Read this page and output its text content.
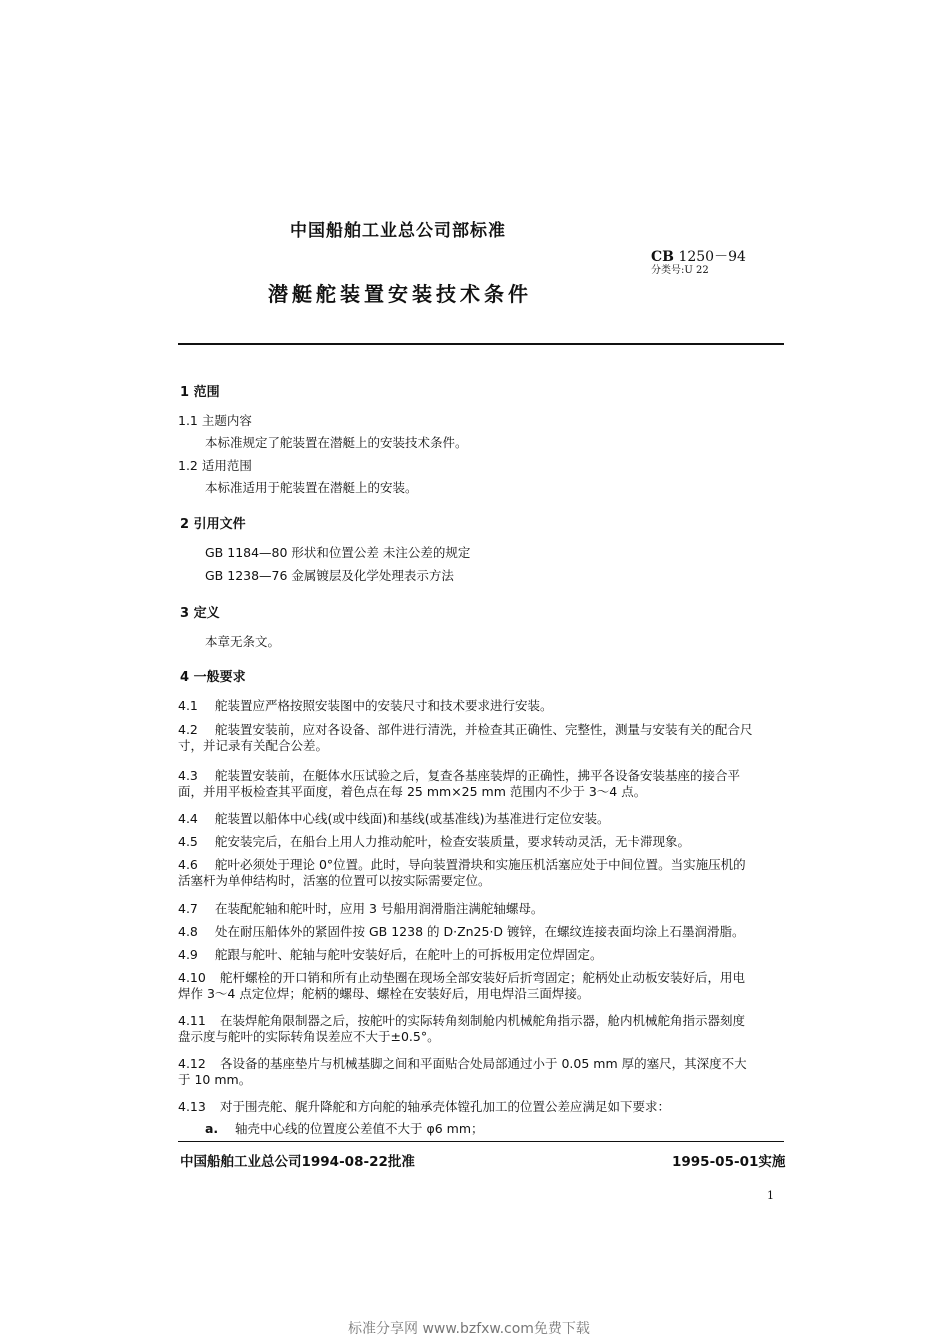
中国船舶工业总公司部标准
CB 1250－94
分类号:U 22
潜艇舵装置安装技术条件
1 范围
1.1 主题内容
本标准规定了舵装置在潜艇上的安装技术条件。
1.2 适用范围
本标准适用于舵装置在潜艇上的安装。
2 引用文件
GB 1184—80 形状和位置公差 未注公差的规定
GB 1238—76 金属镀层及化学处理表示方法
3 定义
本章无条文。
4 一般要求
4.1 舵装置应严格按照安装图中的安装尺寸和技术要求进行安装。
4.2 舵装置安装前，应对各设备、部件进行清洗，并检查其正确性、完整性，测量与安装有关的配合尺
寸，并记录有关配合公差。
4.3 舵装置安装前，在艇体水压试验之后，复查各基座装焊的正确性，拂平各设备安装基座的接合平
面，并用平板检查其平面度，着色点在每 25 mm×25 mm 范围内不少于 3～4 点。
4.4 舵装置以船体中心线(或中线面)和基线(或基准线)为基准进行定位安装。
4.5 舵安装完后，在船台上用人力推动舵叶，检查安装质量，要求转动灵活，无卡滞现象。
4.6 舵叶必须处于理论 0°位置。此时，导向装置滑块和实施压机活塞应处于中间位置。当实施压机的
活塞杆为单伸结构时，活塞的位置可以按实际需要定位。
4.7 在装配舵轴和舵叶时，应用 3 号船用润滑脂注满舵轴螺母。
4.8 处在耐压船体外的紧固件按 GB 1238 的 D·Zn25·D 镀锌，在螺纹连接表面均涂上石墨润滑脂。
4.9 舵跟与舵叶、舵轴与舵叶安装好后，在舵叶上的可拆板用定位焊固定。
4.10 舵杆螺栓的开口销和所有止动垫圈在现场全部安装好后折弯固定；舵柄处止动板安装好后，用电
焊作 3～4 点定位焊；舵柄的螺母、螺栓在安装好后，用电焊沿三面焊接。
4.11 在装焊舵角限制器之后，按舵叶的实际转角刻制舱内机械舵角指示器，舱内机械舵角指示器刻度
盘示度与舵叶的实际转角误差应不大于±0.5°。
4.12 各设备的基座垫片与机械基脚之间和平面贴合处局部通过小于 0.05 mm 厚的塞尺，其深度不大
于 10 mm。
4.13 对于围壳舵、艉升降舵和方向舵的轴承壳体镗孔加工的位置公差应满足如下要求：
a. 轴壳中心线的位置度公差值不大于 φ6 mm；
中国船舶工业总公司1994-08-22批准	1995-05-01实施
1
标准分享网 www.bzfxw.com免费下载
